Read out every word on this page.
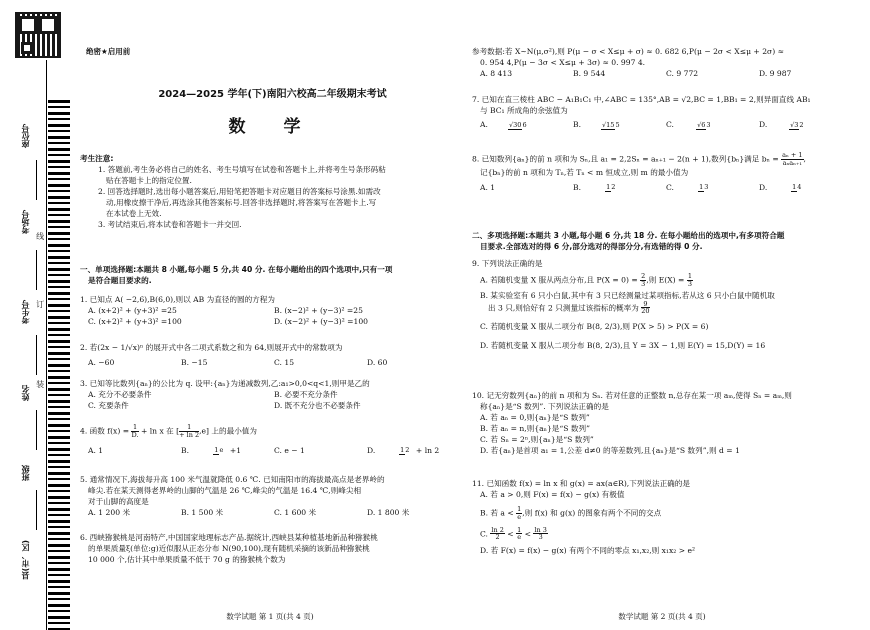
座位号
考场号
考生号
姓名
班级
县(市、区)
线
订
装
绝密★启用前
2024—2025 学年(下)南阳六校高二年级期末考试
数 学
考生注意:
1. 答题前,考生务必将自己的姓名、考生号填写在试卷和答题卡上,并将考生号条形码粘
贴在答题卡上的指定位置.
2. 回答选择题时,选出每小题答案后,用铅笔把答题卡对应题目的答案标号涂黑.如需改
动,用橡皮擦干净后,再选涂其他答案标号.回答非选择题时,将答案写在答题卡上.写
在本试卷上无效.
3. 考试结束后,将本试卷和答题卡一并交回.
一、单项选择题:本题共 8 小题,每小题 5 分,共 40 分. 在每小题给出的四个选项中,只有一项
是符合题目要求的.
1. 已知点 A( −2,6),B(6,0),则以 AB 为直径的圆的方程为
A. (x+2)² + (y+3)² =25	B. (x−2)² + (y−3)² =25
C. (x+2)² + (y+3)² =100	D. (x−2)² + (y−3)² =100
2. 若(2x − 1/√x)ⁿ 的展开式中各二项式系数之和为 64,则展开式中的常数项为
A. −60	B. −15	C. 15	D. 60
3. 已知等比数列{aₙ}的公比为 q. 设甲:{aₙ}为递减数列,乙:a₁>0,0<q<1,则甲是乙的
A. 充分不必要条件	B. 必要不充分条件
C. 充要条件	D. 既不充分也不必要条件
4. 函数 $f(x) = \frac{1}{D.} + \ln x$ 在 [ $\frac{1}{+ \ln 2} ,e$] 上的最小值为
A. 1	B.	1e +1	C. e − 1	D.	12 + ln 2
5. 通常情况下,海拔每升高 100 米气温就降低 0.6 ℃. 已知南阳市的海拔最高点是老界岭的
峰尖.若在某天测得老界岭的山脚的气温是 26 ℃,峰尖的气温是 16.4 ℃,则峰尖相
对于山脚的高度是
A. 1 200 米	B. 1 500 米	C. 1 600 米	D. 1 800 米
6. 西峡猕猴桃是河南特产,中国国家地理标志产品.据统计,西峡县某种植基地新品种猕猴桃
的单果质量ξ(单位:g)近似服从正态分布 N(90,100),现有随机采摘的该新品种猕猴桃
10 000 个,估计其中单果质量不低于 70 g 的猕猴桃个数为
数学试题 第 1 页(共 4 页)
参考数据:若 X~N(μ,σ²),则 P(μ − σ < X≤μ + σ) ≈ 0. 682 6,P(μ − 2σ < X≤μ + 2σ) ≈
0. 954 4,P(μ − 3σ < X≤μ + 3σ) ≈ 0. 997 4.
A. 8 413	B. 9 544	C. 9 772	D. 9 987
7. 已知在直三棱柱 ABC − A₁B₁C₁ 中,∠ABC = 135°,AB = √2,BC = 1,BB₁ = 2,则异面直线 AB₁
与 BC₁ 所成角的余弦值为
A.	√306	B.	√155	C.	√63	D.	√32
8. 已知数列{aₙ}的前 n 项和为 Sₙ,且 a₁ = 2,2Sₙ = aₙ₊₁ − 2(n + 1),数列{bₙ}满足 $b_n = \frac{\text{aₙ + 1}}{\text{aₙaₙ₊₁}}$ ,
记{bₙ}的前 n 项和为 Tₙ,若 Tₙ < m 恒成立,则 m 的最小值为
A. 1	B.	12	C.	13	D.	14
二、多项选择题:本题共 3 小题,每小题 6 分,共 18 分. 在每小题给出的选项中,有多项符合题
目要求.全部选对的得 6 分,部分选对的得部分分,有选错的得 0 分.
9. 下列说法正确的是
A. 若随机变量 X 服从两点分布,且 $P(X = 0) = \frac{2}{3}$ ,则 $E(X) = \frac{1}{3}$
B. 某实验室有 6 只小白鼠,其中有 3 只已经测量过某项指标,若从这 6 只小白鼠中随机取
出 3 只,则恰好有 2 只测量过该指标的概率为 $\frac{9}{20}$
C. 若随机变量 X 服从二项分布 B(8, 2/3),则 P(X > 5) > P(X = 6)
D. 若随机变量 X 服从二项分布 B(8, 2/3),且 Y = 3X − 1,则 E(Y) = 15,D(Y) = 16
10. 记无穷数列{aₙ}的前 n 项和为 Sₙ. 若对任意的正整数 n,总存在某一项 aₘ,使得 Sₙ = aₘ,则
称{aₙ}是“S 数列”. 下列说法正确的是
A. 若 aₙ = 0,则{aₙ}是“S 数列”
B. 若 aₙ = n,则{aₙ}是“S 数列”
C. 若 Sₙ = 2ⁿ,则{aₙ}是“S 数列”
D. 若{aₙ}是首项 a₁ = 1,公差 d≠0 的等差数列,且{aₙ}是“S 数列”,则 d = 1
11. 已知函数 f(x) = ln x 和 g(x) = ax(a∈R),下列说法正确的是
A. 若 a > 0,则 F(x) = f(x) − g(x) 有极值
B. 若 $a < \frac{1}{e}$ ,则 f(x) 和 g(x) 的图象有两个不同的交点
C. $\frac{\ln 2}{2} < \frac{1}{e} < \frac{\ln 3}{3}$
D. 若 F(x) = f(x) − g(x) 有两个不同的零点 x₁,x₂,则 x₁x₂ > e²
数学试题 第 2 页(共 4 页)
